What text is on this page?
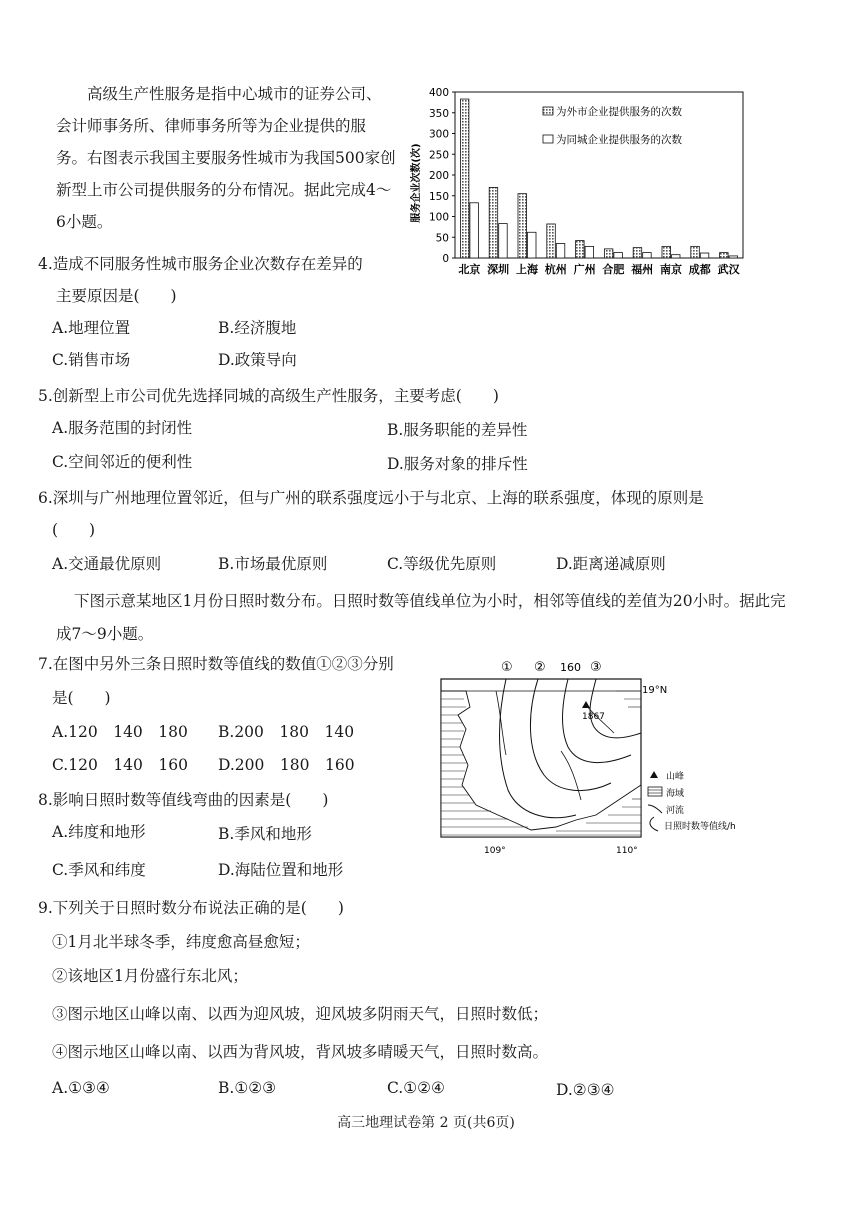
高级生产性服务是指中心城市的证券公司、会计师事务所、律师事务所等为企业提供的服务。右图表示我国主要服务性城市为我国500家创新型上市公司提供服务的分布情况。据此完成4～6小题。
0
50
100
150
200
250
300
350
400
服务企业次数(次)
北京 深圳 上海 杭州 广州 合肥 福州 南京 成都 武汉
为外市企业提供服务的次数
为同城企业提供服务的次数
4.造成不同服务性城市服务企业次数存在差异的
主要原因是(　　)
A.地理位置	B.经济腹地
C.销售市场	D.政策导向
5.创新型上市公司优先选择同城的高级生产性服务，主要考虑(　　)
A.服务范围的封闭性	B.服务职能的差异性
C.空间邻近的便利性	D.服务对象的排斥性
6.深圳与广州地理位置邻近，但与广州的联系强度远小于与北京、上海的联系强度，体现的原则是
(　　)
A.交通最优原则	B.市场最优原则	C.等级优先原则	D.距离递减原则
下图示意某地区1月份日照时数分布。日照时数等值线单位为小时，相邻等值线的差值为20小时。据此完成7～9小题。
7.在图中另外三条日照时数等值线的数值①②③分别
是(　　)
A.120　140　180 B.200　180　140
C.120　140　160 D.200　180　160
8.影响日照时数等值线弯曲的因素是(　　)
A.纬度和地形	B.季风和地形
C.季风和纬度	D.海陆位置和地形
① ② 160 ③
19°N
1867
109°	110°
山峰
海域
河流
日照时数等值线/h
9.下列关于日照时数分布说法正确的是(　　)
①1月北半球冬季，纬度愈高昼愈短；
②该地区1月份盛行东北风；
③图示地区山峰以南、以西为迎风坡，迎风坡多阴雨天气，日照时数低；
④图示地区山峰以南、以西为背风坡，背风坡多晴暖天气，日照时数高。
A.①③④	B.①②③	C.①②④	D.②③④
高三地理试卷第 2 页(共6页)
